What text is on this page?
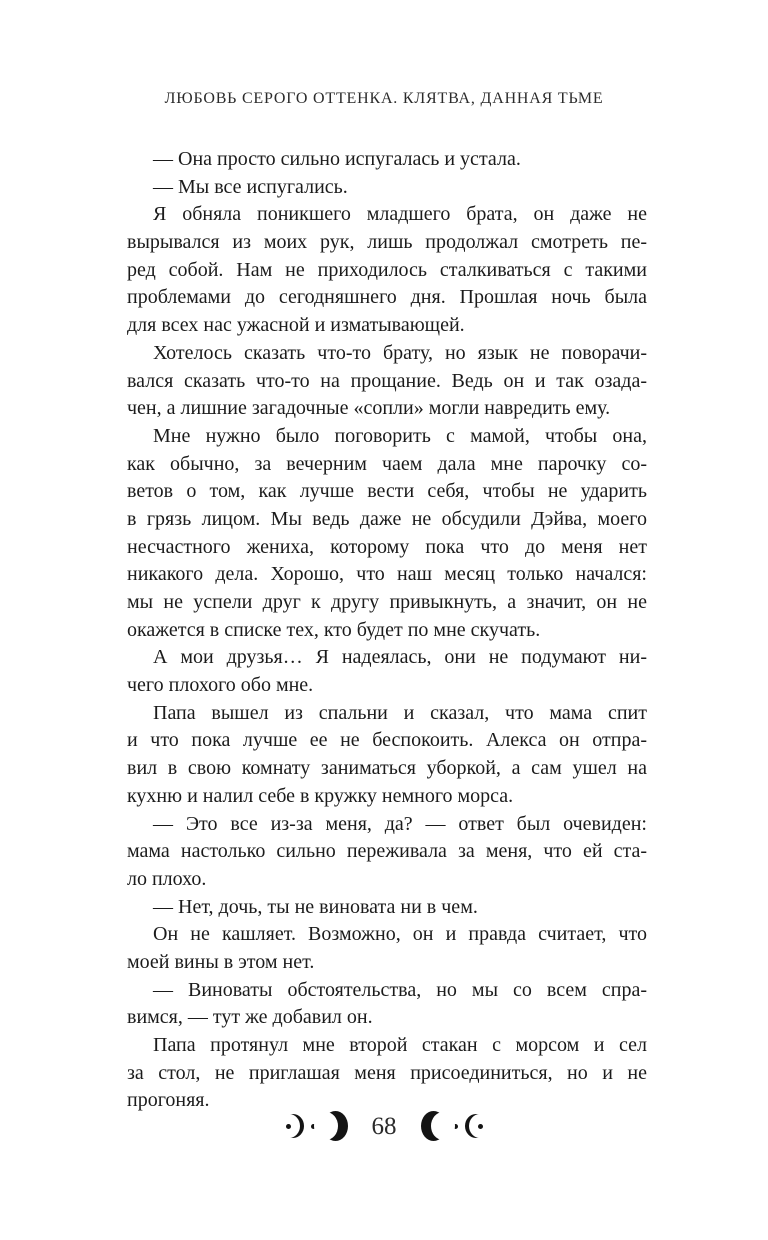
ЛЮБОВЬ СЕРОГО ОТТЕНКА. КЛЯТВА, ДАННАЯ ТЬМЕ
— Она просто сильно испугалась и устала.
— Мы все испугались.
Я обняла поникшего младшего брата, он даже не
вырывался из моих рук, лишь продолжал смотреть пе-
ред собой. Нам не приходилось сталкиваться с такими
проблемами до сегодняшнего дня. Прошлая ночь была
для всех нас ужасной и изматывающей.
Хотелось сказать что-то брату, но язык не поворачи-
вался сказать что-то на прощание. Ведь он и так озада-
чен, а лишние загадочные «сопли» могли навредить ему.
Мне нужно было поговорить с мамой, чтобы она,
как обычно, за вечерним чаем дала мне парочку со-
ветов о том, как лучше вести себя, чтобы не ударить
в грязь лицом. Мы ведь даже не обсудили Дэйва, моего
несчастного жениха, которому пока что до меня нет
никакого дела. Хорошо, что наш месяц только начался:
мы не успели друг к другу привыкнуть, а значит, он не
окажется в списке тех, кто будет по мне скучать.
А мои друзья… Я надеялась, они не подумают ни-
чего плохого обо мне.
Папа вышел из спальни и сказал, что мама спит
и что пока лучше ее не беспокоить. Алекса он отпра-
вил в свою комнату заниматься уборкой, а сам ушел на
кухню и налил себе в кружку немного морса.
— Это все из-за меня, да? — ответ был очевиден:
мама настолько сильно переживала за меня, что ей ста-
ло плохо.
— Нет, дочь, ты не виновата ни в чем.
Он не кашляет. Возможно, он и правда считает, что
моей вины в этом нет.
— Виноваты обстоятельства, но мы со всем спра-
вимся, — тут же добавил он.
Папа протянул мне второй стакан с морсом и сел
за стол, не приглашая меня присоединиться, но и не
прогоняя.
68
